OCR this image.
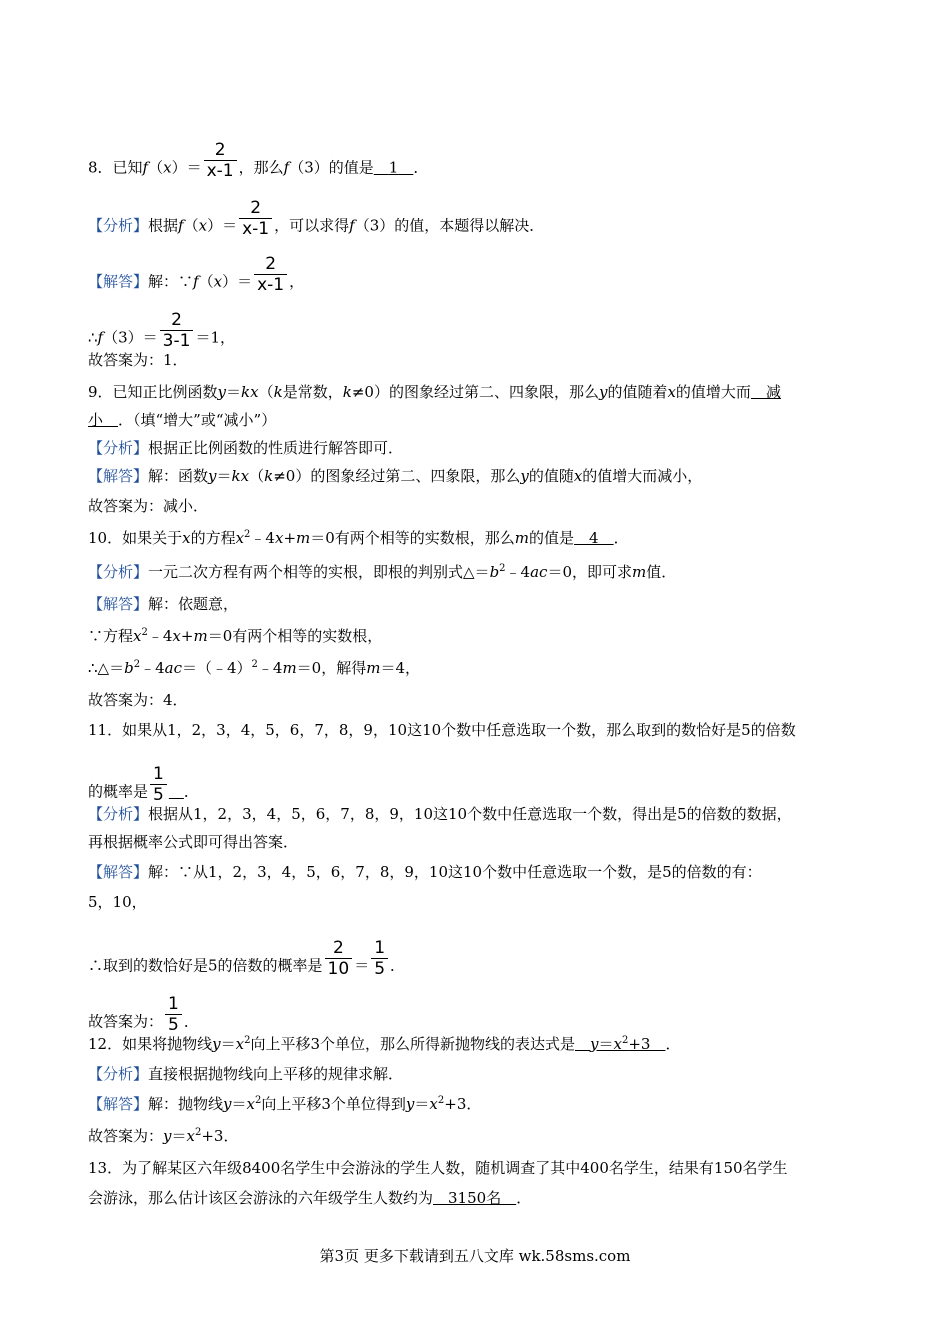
8．已知$f(x)= \frac{2}{x-1}$ ，那么f（3）的值是　 1　 ．
【分析】根据$f(x)= \frac{2}{x-1}$ ，可以求得f（3）的值，本题得以解决．
【解答】解：∵f（x）＝ $\frac{2}{x-1}$ ，
∴f（3）＝ $\frac{2}{3-1} =1$，
故答案为：1．
9．已知正比例函数y＝kx（k是常数，k≠0）的图象经过第二、四象限，那么y的值随着x的值增大而　减
小　．（填“增大”或“减小”）
【分析】根据正比例函数的性质进行解答即可．
【解答】解：函数y＝kx（k≠0）的图象经过第二、四象限，那么y的值随x的值增大而减小，
故答案为：减小．
10．如果关于x的方程$x^2﹣4x+m=0$有两个相等的实数根，那么m的值是　4　．
【分析】一元二次方程有两个相等的实根，即根的判别式$\triangle=b^2﹣4ac=0$，即可求m值．
【解答】解：依题意，
∵方程$x^2﹣4x+m=0$有两个相等的实数根，
$\therefore\triangle=b^2﹣4ac=(﹣4)^2﹣4m=0$，解得m＝4，
故答案为：4．
11．如果从1，2，3，4，5，6，7，8，9，10这10个数中任意选取一个数，那么取到的数恰好是5的倍数
的概率是 $\frac{1}{5}$
　 ．
【分析】根据从1，2，3，4，5，6，7，8，9，10这10个数中任意选取一个数，得出是5的倍数的数据，
再根据概率公式即可得出答案．
【解答】解：∵从1，2，3，4，5，6，7，8，9，10这10个数中任意选取一个数，是5的倍数的有：
5，10，
∴取到的数恰好是5的倍数的概率是 $\frac{2}{10} = \frac{1}{5}$ ．
故答案为： $\frac{1}{5}$ ．
12．如果将抛物线$y=x^2$向上平移3个单位，那么所得新抛物线的表达式是　 $y=x^2+3$　．
【分析】直接根据抛物线向上平移的规律求解．
【解答】解：抛物线$y=x^2$向上平移3个单位得到$y=x^2+3$．
故答案为：$y=x^2+3$．
13．为了解某区六年级8400名学生中会游泳的学生人数，随机调查了其中400名学生，结果有150名学生
会游泳，那么估计该区会游泳的六年级学生人数约为　3150名　．
第3页 更多下载请到五八文库 wk.58sms.com
